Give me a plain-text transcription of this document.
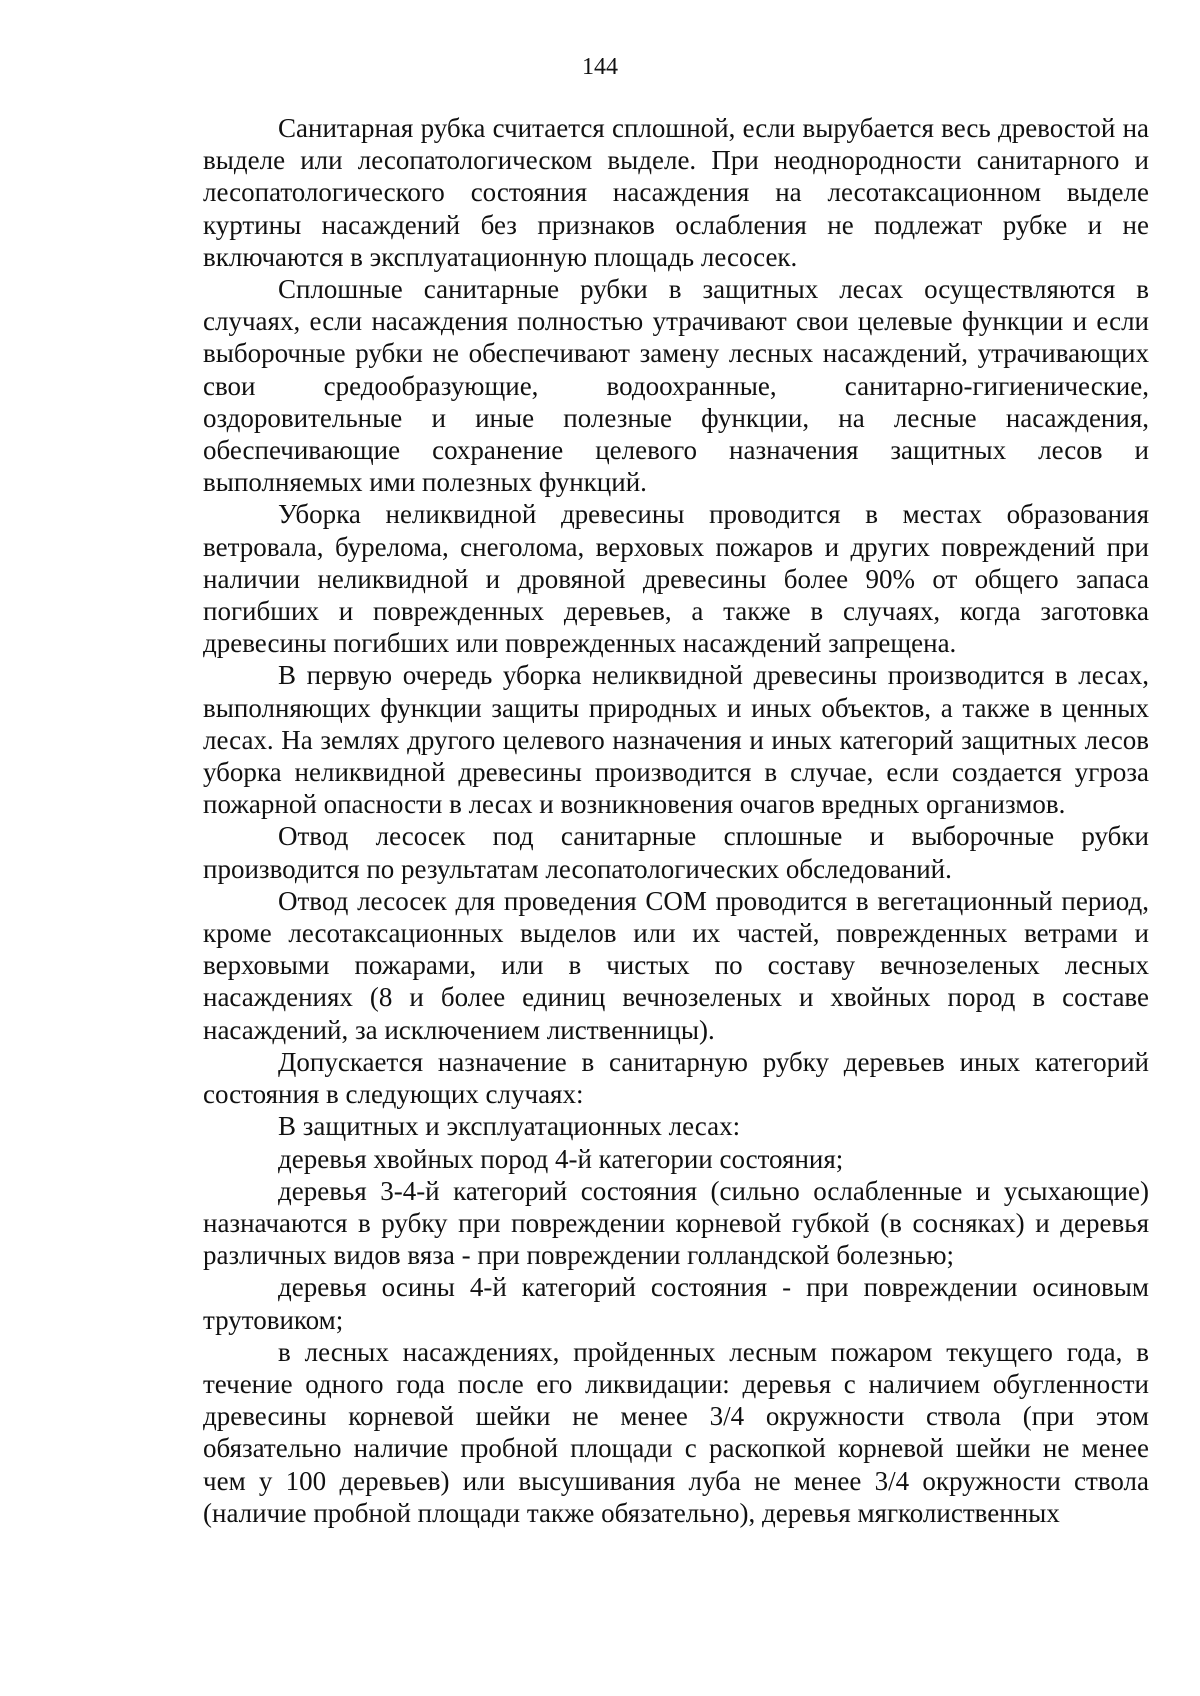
144

Санитарная рубка считается сплошной, если вырубается весь древостой на выделе или лесопатологическом выделе. При неоднородности санитарного и лесопатологического состояния насаждения на лесотаксационном выделе куртины насаждений без признаков ослабления не подлежат рубке и не включаются в эксплуатационную площадь лесосек.

Сплошные санитарные рубки в защитных лесах осуществляются в случаях, если насаждения полностью утрачивают свои целевые функции и если выборочные рубки не обеспечивают замену лесных насаждений, утрачивающих свои средообразующие, водоохранные, санитарно-гигиенические, оздоровительные и иные полезные функции, на лесные насаждения, обеспечивающие сохранение целевого назначения защитных лесов и выполняемых ими полезных функций.

Уборка неликвидной древесины проводится в местах образования ветровала, бурелома, снеголома, верховых пожаров и других повреждений при наличии неликвидной и дровяной древесины более 90% от общего запаса погибших и поврежденных деревьев, а также в случаях, когда заготовка древесины погибших или поврежденных насаждений запрещена.

В первую очередь уборка неликвидной древесины производится в лесах, выполняющих функции защиты природных и иных объектов, а также в ценных лесах. На землях другого целевого назначения и иных категорий защитных лесов уборка неликвидной древесины производится в случае, если создается угроза пожарной опасности в лесах и возникновения очагов вредных организмов.

Отвод лесосек под санитарные сплошные и выборочные рубки производится по результатам лесопатологических обследований.

Отвод лесосек для проведения СОМ проводится в вегетационный период, кроме лесотаксационных выделов или их частей, поврежденных ветрами и верховыми пожарами, или в чистых по составу вечнозеленых лесных насаждениях (8 и более единиц вечнозеленых и хвойных пород в составе насаждений, за исключением лиственницы).

Допускается назначение в санитарную рубку деревьев иных категорий состояния в следующих случаях:

В защитных и эксплуатационных лесах:

деревья хвойных пород 4-й категории состояния;

деревья 3-4-й категорий состояния (сильно ослабленные и усыхающие) назначаются в рубку при повреждении корневой губкой (в сосняках) и деревья различных видов вяза - при повреждении голландской болезнью;

деревья осины 4-й категорий состояния - при повреждении осиновым трутовиком;

в лесных насаждениях, пройденных лесным пожаром текущего года, в течение одного года после его ликвидации: деревья с наличием обугленности древесины корневой шейки не менее 3/4 окружности ствола (при этом обязательно наличие пробной площади с раскопкой корневой шейки не менее чем у 100 деревьев) или высушивания луба не менее 3/4 окружности ствола (наличие пробной площади также обязательно), деревья мягколиственных
